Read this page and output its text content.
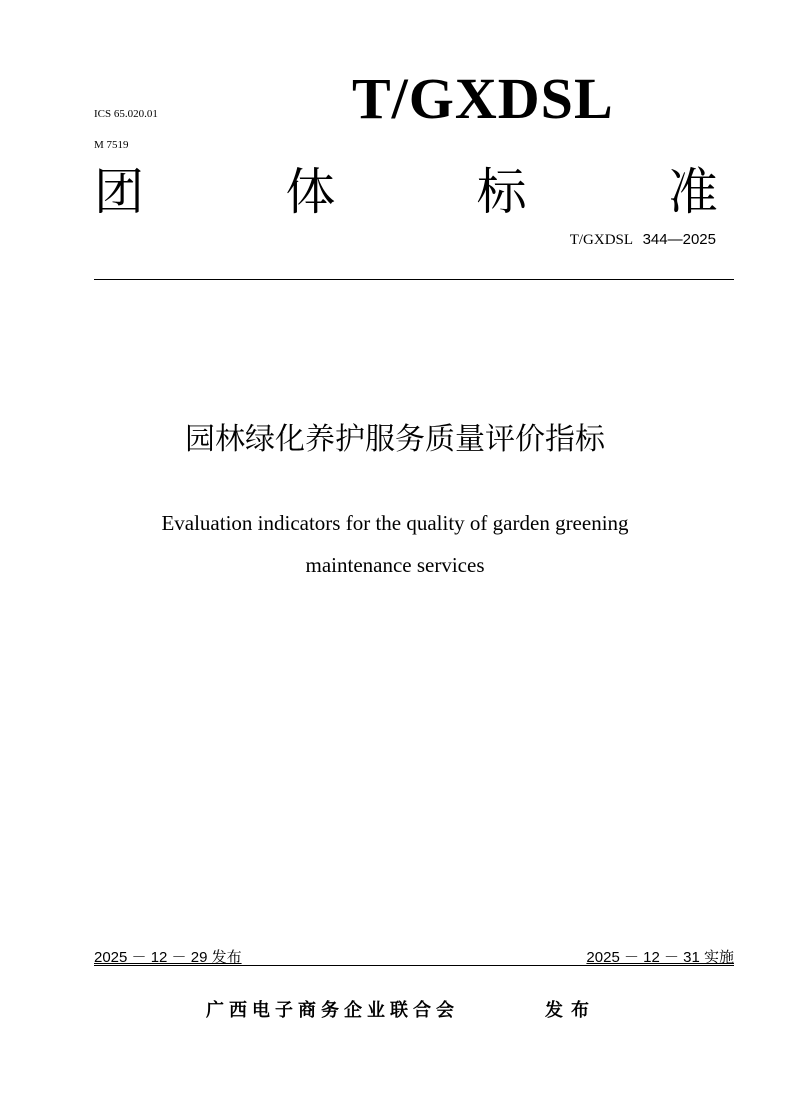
ICS 65.020.01
M 7519
T/GXDSL
团	体	标	准
T/GXDSL 344—2025
园林绿化养护服务质量评价指标
Evaluation indicators for the quality of garden greening
maintenance services
2025 － 12 － 29 发布	2025 － 12 － 31 实施
广西电子商务企业联合会	发布
